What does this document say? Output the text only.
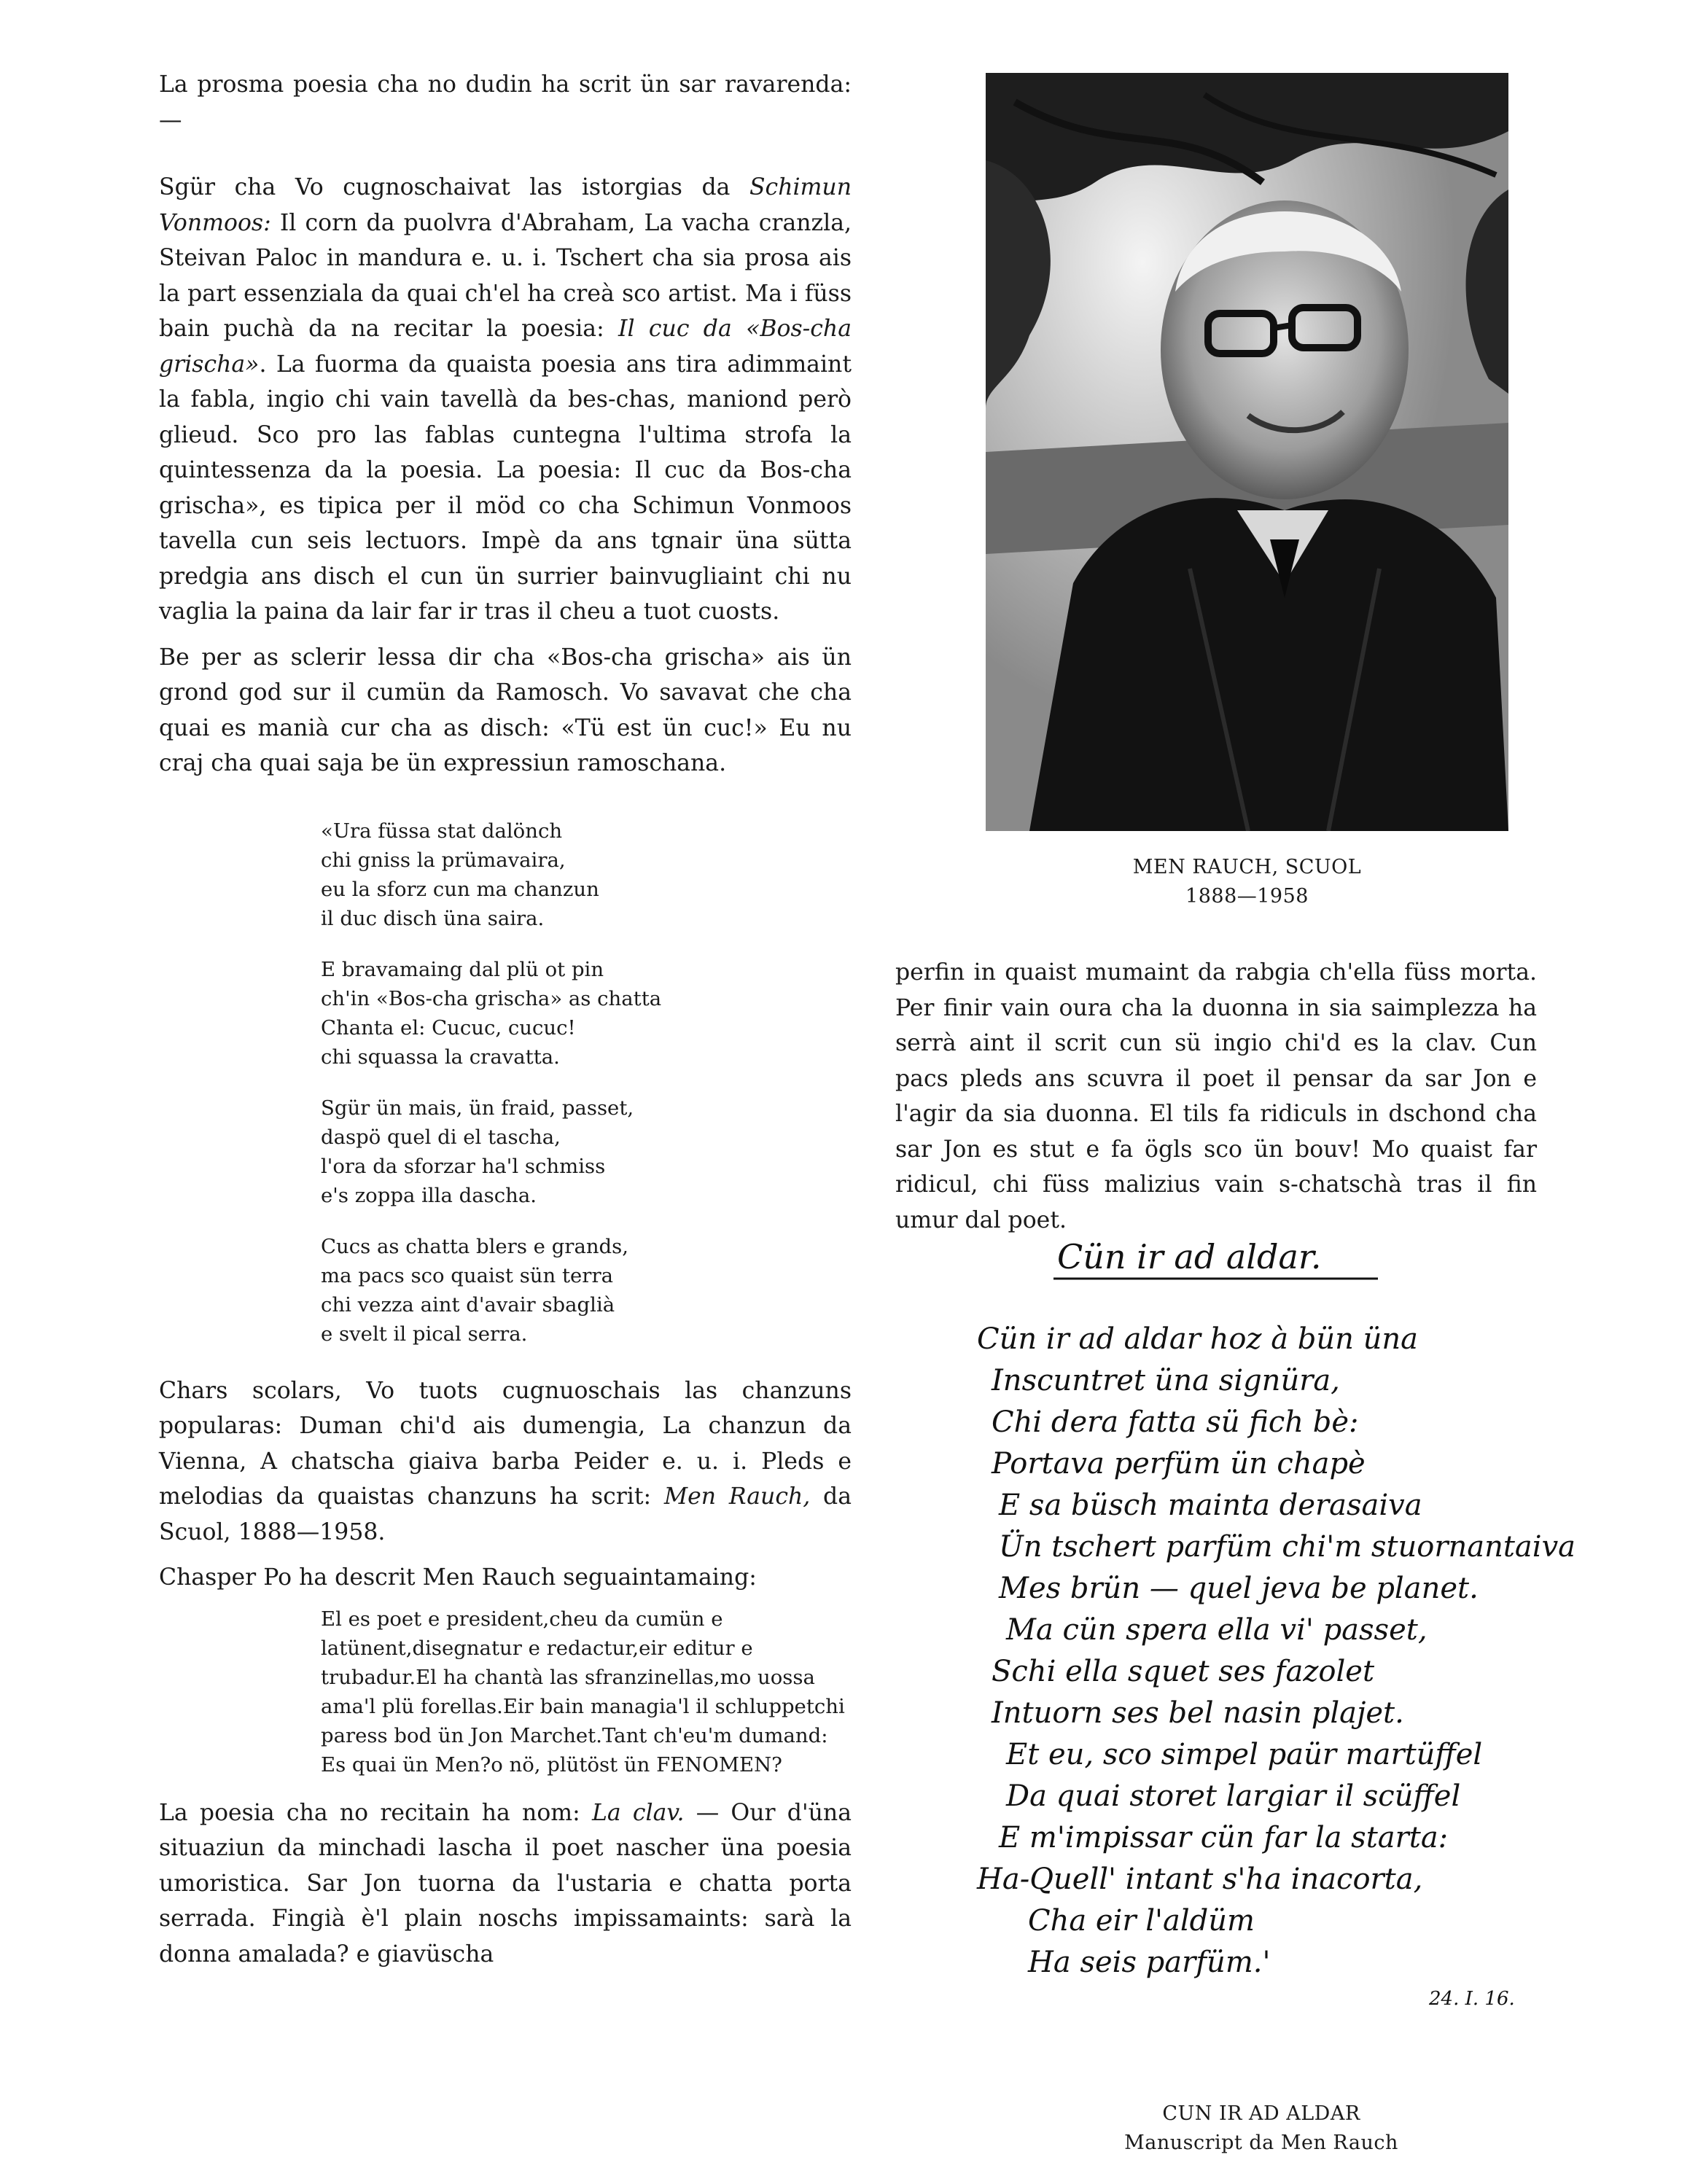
La prosma poesia cha no dudin ha scrit ün sar ravarenda: —

Sgür cha Vo cugnoschaivat las istorgias da Schimun Vonmoos: Il corn da puolvra d'Abraham, La vacha cranzla, Steivan Paloc in mandura e. u. i. Tschert cha sia prosa ais la part essenziala da quai ch'el ha creà sco artist. Ma i füss bain puchà da na recitar la poesia: Il cuc da «Bos-cha grischa». La fuorma da quaista poesia ans tira adimmaint la fabla, ingio chi vain tavellà da bes-chas, maniond però glieud. Sco pro las fablas cuntegna l'ultima strofa la quintessenza da la poesia. La poesia: Il cuc da Bos-cha grischa», es tipica per il möd co cha Schimun Vonmoos tavella cun seis lectuors. Impè da ans tgnair üna sütta predgia ans disch el cun ün surrier bainvugliaint chi nu vaglia la paina da lair far ir tras il cheu a tuot cuosts.

Be per as sclerir lessa dir cha «Bos-cha grischa» ais ün grond god sur il cumün da Ramosch. Vo savavat che cha quai es manià cur cha as disch: «Tü est ün cuc!» Eu nu craj cha quai saja be ün expressiun ramoschana.

«Ura füssa stat dalönch
chi gniss la prümavaira,
eu la sforz cun ma chanzun
il duc disch üna saira.
E bravamaing dal plü ot pin
ch'in «Bos-cha grischa» as chatta
Chanta el: Cucuc, cucuc!
chi squassa la cravatta.
Sgür ün mais, ün fraid, passet,
daspö quel di el tascha,
l'ora da sforzar ha'l schmiss
e's zoppa illa dascha.
Cucs as chatta blers e grands,
ma pacs sco quaist sün terra
chi vezza aint d'avair sbaglià
e svelt il pical serra.

Chars scolars, Vo tuots cugnuoschais las chanzuns popularas: Duman chi'd ais dumengia, La chanzun da Vienna, A chatscha giaiva barba Peider e. u. i. Pleds e melodias da quaistas chanzuns ha scrit: Men Rauch, da Scuol, 1888—1958.

Chasper Po ha descrit Men Rauch seguaintamaing:

El es poet e president,cheu da cumün e latünent,disegnatur e redactur,eir editur e trubadur.El ha chantà las sfranzinellas,mo uossa ama'l plü forellas.Eir bain managia'l il schluppetchi paress bod ün Jon Marchet.Tant ch'eu'm dumand: Es quai ün Men?o nö, plütöst ün FENOMEN?

La poesia cha no recitain ha nom: La clav. — Our d'üna situaziun da minchadi lascha il poet nascher üna poesia umoristica. Sar Jon tuorna da l'ustaria e chatta porta serrada. Fingià è'l plain noschs impissamaints: sarà la donna amalada? e giavüscha

MEN RAUCH, SCUOL
1888—1958

perfin in quaist mumaint da rabgia ch'ella füss morta. Per finir vain oura cha la duonna in sia saimplezza ha serrà aint il scrit cun sü ingio chi'd es la clav. Cun pacs pleds ans scuvra il poet il pensar da sar Jon e l'agir da sia duonna. El tils fa ridiculs in dschond cha sar Jon es stut e fa ögls sco ün bouv! Mo quaist far ridicul, chi füss malizius vain s-chatschà tras il fin umur dal poet.

Cün ir ad aldar.
Cün ir ad aldar hoz à bün üna
Inscuntret üna signüra,
Chi dera fatta sü fich bè:
Portava perfüm ün chapè
E sa büsch mainta derasaiva
Ün tschert parfüm chi'm stuornantaiva
Mes brün — quel jeva be planet.
Ma cün spera ella vi' passet,
Schi ella squet ses fazolet
Intuorn ses bel nasin plajet.
Et eu, sco simpel paür martüffel
Da quai storet largiar il scüffel
E m'impissar cün far la starta:
Ha-Quell' intant s'ha inacorta,
Cha eir l'aldüm
Ha seis parfüm.'
24. I. 16.
CUN IR AD ALDAR
Manuscript da Men Rauch
